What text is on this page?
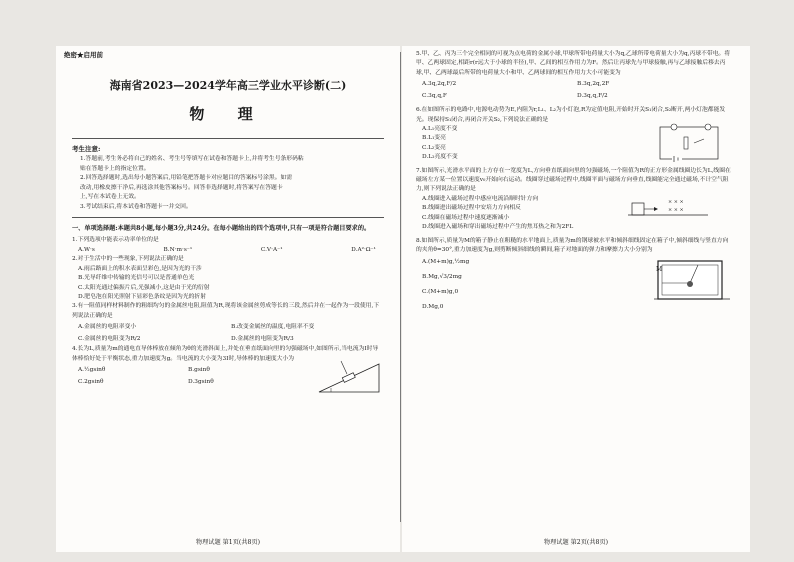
绝密★启用前
海南省2023—2024学年高三学业水平诊断(二)
物 理
考生注意:
1.答题前,考生务必将自己的姓名、考生号等填写在试卷和答题卡上,并将考生号条形码粘
贴在答题卡上的指定位置。
2.回答选择题时,选出每小题答案后,用铅笔把答题卡对应题目的答案标号涂黑。如需
改动,用橡皮擦干净后,再选涂其他答案标号。回答非选择题时,将答案写在答题卡
上,写在本试卷上无效。
3.考试结束后,将本试卷和答题卡一并交回。
一、单项选择题:本题共8小题,每小题3分,共24分。在每小题给出的四个选项中,只有一项是符合题目要求的。
1.下列选项中能表示功率单位的是
A.W·s	B.N·m·s⁻¹	C.V·A⁻¹	D.A²·Ω⁻¹
2.对于生活中的一些现象,下列说法正确的是
A.雨后路面上的积水表面呈彩色,是因为光的干涉
B.光导纤维中传输的光信号可以是普通单色光
C.太阳光通过偏振片后,光强减小,这是由于光的衍射
D.肥皂泡在阳光照射下显彩色条纹是因为光的折射
3.有一阻值同样材料制作的粗细均匀的金属丝电阻,阻值为R,现将该金属丝剪成等长的三段,然后并在一起作为一段使用,下列说法正确的是
A.金属丝的电阻率变小	B.改变金属丝的温度,电阻率不变
C.金属丝的电阻变为R/2	D.金属丝的电阻变为R/3
4.长为L,质量为m的通电直导体棒放在倾角为θ的光滑斜面上,并处在垂直纸面向里的匀强磁场中,如图所示,当电流为I时导体棒恰好处于平衡状态,重力加速度为g。当电流的大小变为3I时,导体棒的加速度大小为
A.½gsinθ	B.gsinθ
C.2gsinθ	D.3gsinθ
物理试题 第1页(共8页)
5.甲、乙、丙为三个完全相同的可视为点电荷的金属小球,甲球所带电荷量大小为q,乙球所带电荷量大小为q,丙球不带电。将甲、乙两球固定,相距r(r远大于小球的半径),甲、乙间的相互作用力为F。然后让丙球先与甲球接触,再与乙球接触后移去丙球,甲、乙两球最后所带的电荷量大小和甲、乙两球间的相互作用力大小可能变为
A.3q,2q,F/2	B.3q,2q,2F
C.3q,q,F	D.3q,q,F/2
6.在如图所示的电路中,电源电动势为E,内阻为r,L₁、L₂为小灯泡,R为定值电阻,开始时开关S₁闭合,S₂断开,两小灯泡都能发光。现保持S₁闭合,再闭合开关S₂,下列说法正确的是
A.L₁亮度不变
B.L₁变亮
C.L₂变亮
D.L₂亮度不变
7.如图所示,光滑水平面的上方存在一宽度为L,方向垂直纸面向里的匀强磁场,一个阻值为R的正方形金属线圈边长为L,线圈在磁场左方某一位置以速度v₀开始向右运动。线圈穿过磁场过程中,线圈平面与磁场方向垂直,线圈能完全通过磁场,不计空气阻力,则下列说法正确的是
A.线圈进入磁场过程中感应电流沿顺时针方向
B.线圈进出磁场过程中安培力方向相反
C.线圈在磁场过程中速度逐渐减小
D.线圈进入磁场和穿出磁场过程中产生的焦耳热之和为2FL
× × ×
× × ×
8.如图所示,质量为M的箱子静止在粗糙的水平地面上,质量为m的钢球被水平和倾斜细线固定在箱子中,倾斜细线与竖直方向的夹角θ=30°,重力加速度为g,则剪断倾斜细线的瞬间,箱子对地面的弹力和摩擦力大小分别为
A.(M+m)g,½mg
B.Mg,√3/2mg
C.(M+m)g,0
D.Mg,0
M
物理试题 第2页(共8页)
